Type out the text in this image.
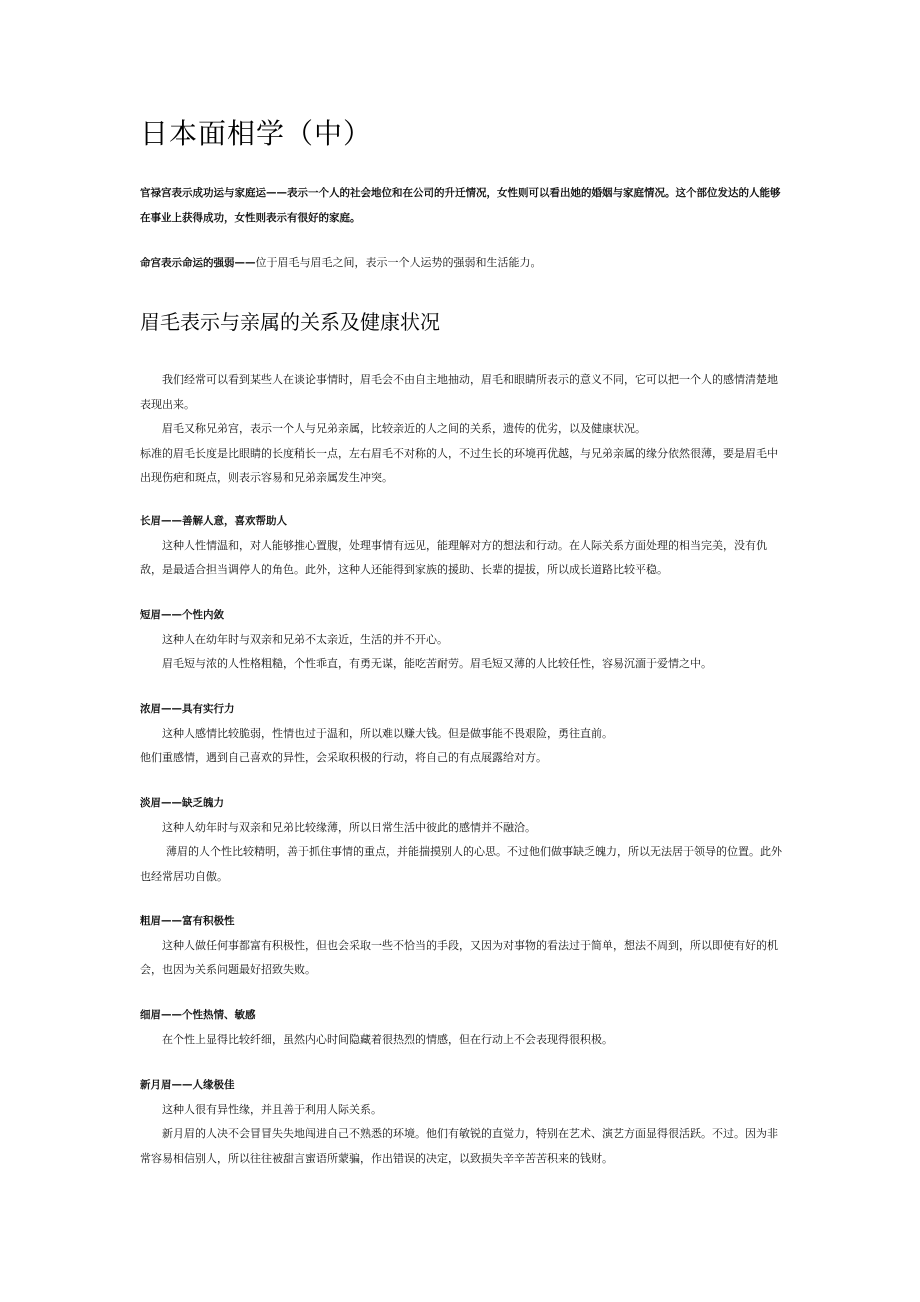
日本面相学（中）

官禄宫表示成功运与家庭运——表示一个人的社会地位和在公司的升迁情况，女性则可以看出她的婚姻与家庭情况。这个部位发达的人能够在事业上获得成功，女性则表示有很好的家庭。

命宫表示命运的强弱——位于眉毛与眉毛之间，表示一个人运势的强弱和生活能力。

眉毛表示与亲属的关系及健康状况

我们经常可以看到某些人在谈论事情时，眉毛会不由自主地抽动，眉毛和眼睛所表示的意义不同，它可以把一个人的感情清楚地表现出来。

眉毛又称兄弟宫，表示一个人与兄弟亲属，比较亲近的人之间的关系，遗传的优劣，以及健康状况。

标准的眉毛长度是比眼睛的长度稍长一点，左右眉毛不对称的人，不过生长的环境再优越，与兄弟亲属的缘分依然很薄，要是眉毛中出现伤疤和斑点，则表示容易和兄弟亲属发生冲突。

长眉——善解人意，喜欢帮助人

这种人性情温和，对人能够推心置腹，处理事情有远见，能理解对方的想法和行动。在人际关系方面处理的相当完美，没有仇敌，是最适合担当调停人的角色。此外，这种人还能得到家族的援助、长辈的提拔，所以成长道路比较平稳。

短眉——个性内敛

这种人在幼年时与双亲和兄弟不太亲近，生活的并不开心。

眉毛短与浓的人性格粗糙，个性乖直，有勇无谋，能吃苦耐劳。眉毛短又薄的人比较任性，容易沉湎于爱情之中。

浓眉——具有实行力

这种人感情比较脆弱，性情也过于温和，所以难以赚大钱。但是做事能不畏艰险，勇往直前。

他们重感情，遇到自己喜欢的异性，会采取积极的行动，将自己的有点展露给对方。

淡眉——缺乏魄力

这种人幼年时与双亲和兄弟比较缘薄，所以日常生活中彼此的感情并不融洽。

薄眉的人个性比较精明，善于抓住事情的重点，并能揣摸别人的心思。不过他们做事缺乏魄力，所以无法居于领导的位置。此外也经常居功自傲。

粗眉——富有积极性

这种人做任何事都富有积极性，但也会采取一些不恰当的手段，又因为对事物的看法过于简单，想法不周到，所以即使有好的机会，也因为关系问题最好招致失败。

细眉——个性热情、敏感

在个性上显得比较纤细，虽然内心时间隐藏着很热烈的情感，但在行动上不会表现得很积极。

新月眉——人缘极佳

这种人很有异性缘，并且善于利用人际关系。

新月眉的人决不会冒冒失失地闯进自己不熟悉的环境。他们有敏锐的直觉力，特别在艺术、演艺方面显得很活跃。不过。因为非常容易相信别人，所以往往被甜言蜜语所蒙骗，作出错误的决定，以致损失辛辛苦苦积来的钱财。
